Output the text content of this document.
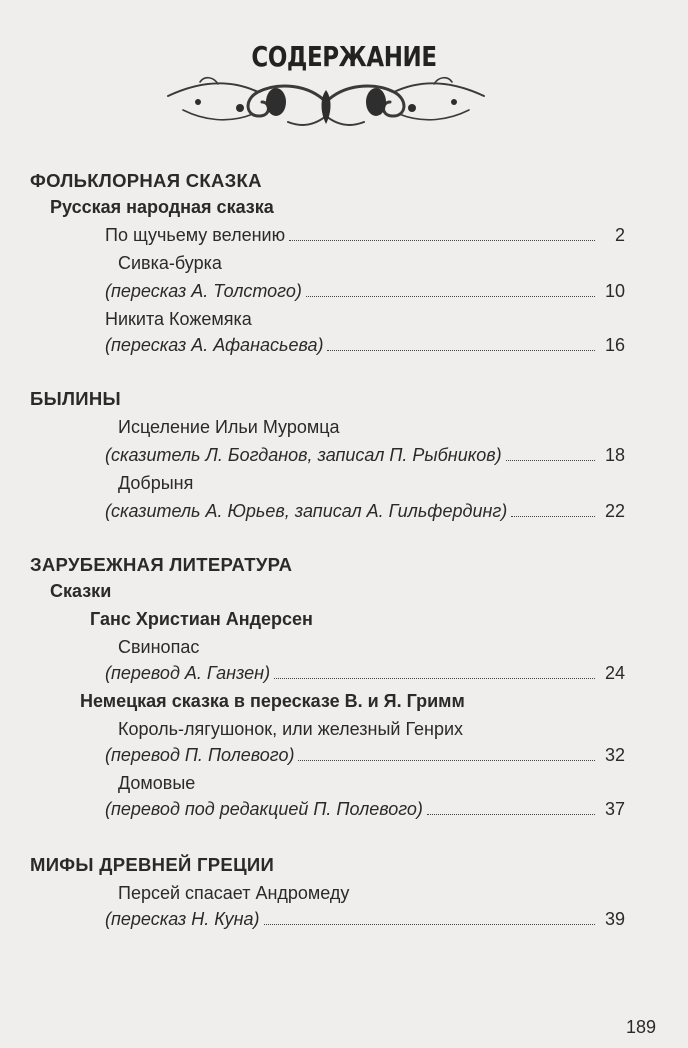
СОДЕРЖАНИЕ
ФОЛЬКЛОРНАЯ СКАЗКА
Русская народная сказка
По щучьему велению	2
Сивка-бурка
(пересказ А. Толстого)	10
Никита Кожемяка
(пересказ А. Афанасьева)	16
БЫЛИНЫ
Исцеление Ильи Муромца
(сказитель Л. Богданов, записал П. Рыбников)	18
Добрыня
(сказитель А. Юрьев, записал А. Гильфердинг)	22
ЗАРУБЕЖНАЯ ЛИТЕРАТУРА
Сказки
Ганс Христиан Андерсен
Свинопас
(перевод А. Ганзен)	24
Немецкая сказка в пересказе В. и Я. Гримм
Король-лягушонок, или железный Генрих
(перевод П. Полевого)	32
Домовые
(перевод под редакцией П. Полевого)	37
МИФЫ ДРЕВНЕЙ ГРЕЦИИ
Персей спасает Андромеду
(пересказ Н. Куна)	39
189
